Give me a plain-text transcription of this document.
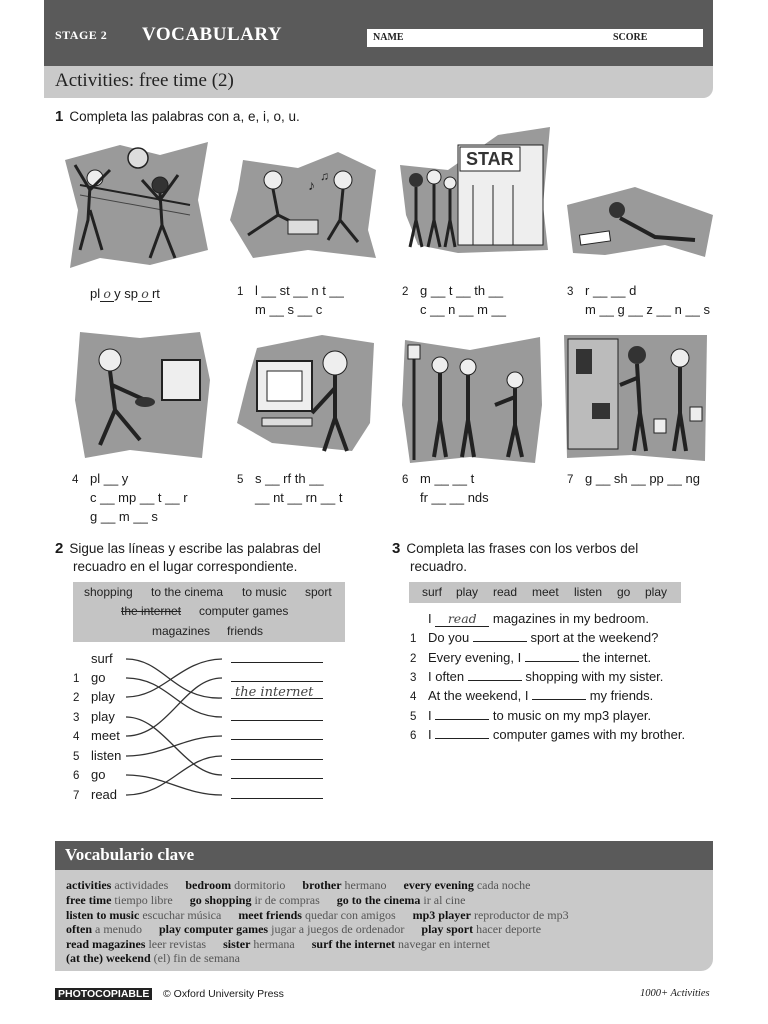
STAGE 2 VOCABULARY	NAME	SCORE
Activities: free time (2)
1 Completa las palabras con a, e, i, o, u.
♪
♫
STAR
pl o y sp o rt	1 l __ st __ n t __
m __ s __ c
2 g __ t __ th __
c __ n __ m __
3 r __ __ d
m __ g __ z __ n __ s
4 pl __ y
c __ mp __ t __ r
g __ m __ s
5 s __ rf th __
__ nt __ rn __ t
6 m __ __ t
fr __ __ nds
7 g __ sh __ pp __ ng
2 Sigue las líneas y escribe las palabras del
recuadro en el lugar correspondiente.
shopping to the cinema to music sport
the internet computer games
magazines friends
surf
1 go
2 play
3 play
4 meet
5 listen
6 go
7 read
the internet
3 Completa las frases con los verbos del
recuadro.
surf play read meet listen go play
I read magazines in my bedroom.
1 Do you	sport at the weekend?
2 Every evening, I	the internet.
3 I often	shopping with my sister.
4 At the weekend, I	my friends.
5 I	to music on my mp3 player.
6 I	computer games with my brother.
Vocabulario clave
activities actividades bedroom dormitorio brother hermano every evening cada noche
free time tiempo libre go shopping ir de compras go to the cinema ir al cine
listen to music escuchar música meet friends quedar con amigos mp3 player reproductor de mp3
often a menudo play computer games jugar a juegos de ordenador play sport hacer deporte
read magazines leer revistas sister hermana surf the internet navegar en internet
(at the) weekend (el) fin de semana
PHOTOCOPIABLE © Oxford University Press	1000+ Activities
